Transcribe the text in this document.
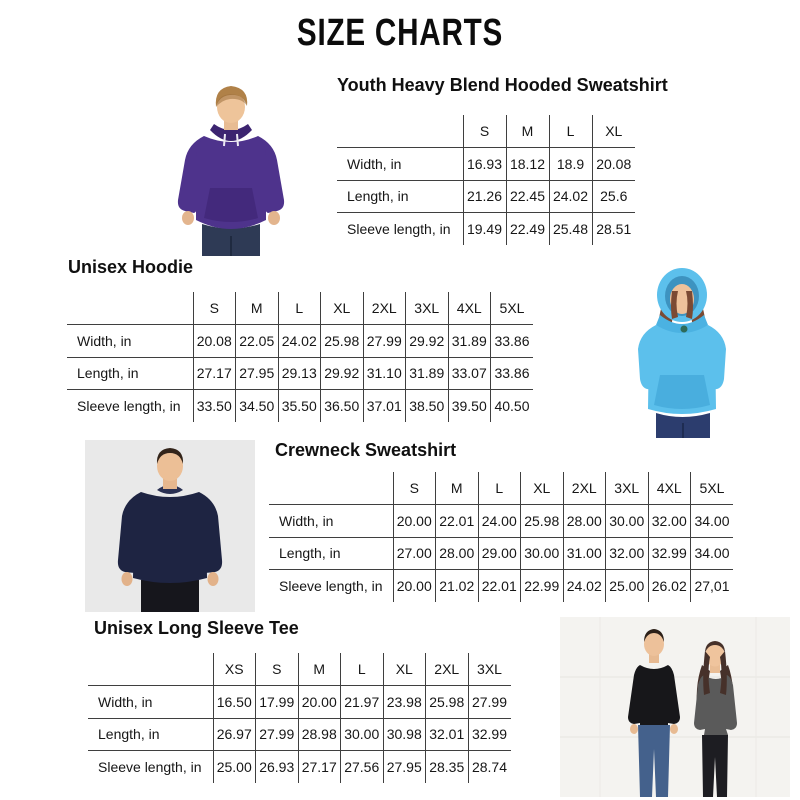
SIZE CHARTS
Youth Heavy Blend Hooded Sweatshirt
Unisex Hoodie
Crewneck Sweatshirt
Unisex Long Sleeve Tee
	S	M	L	XL
Width, in	16.93	18.12	18.9	20.08
Length, in	21.26	22.45	24.02	25.6
Sleeve length, in	19.49	22.49	25.48	28.51
	S	M	L	XL	2XL	3XL	4XL	5XL
Width, in	20.08	22.05	24.02	25.98	27.99	29.92	31.89	33.86
Length, in	27.17	27.95	29.13	29.92	31.10	31.89	33.07	33.86
Sleeve length, in	33.50	34.50	35.50	36.50	37.01	38.50	39.50	40.50
	S	M	L	XL	2XL	3XL	4XL	5XL
Width, in	20.00	22.01	24.00	25.98	28.00	30.00	32.00	34.00
Length, in	27.00	28.00	29.00	30.00	31.00	32.00	32.99	34.00
Sleeve length, in	20.00	21.02	22.01	22.99	24.02	25.00	26.02	27,01
	XS	S	M	L	XL	2XL	3XL
Width, in	16.50	17.99	20.00	21.97	23.98	25.98	27.99
Length, in	26.97	27.99	28.98	30.00	30.98	32.01	32.99
Sleeve length, in	25.00	26.93	27.17	27.56	27.95	28.35	28.74
